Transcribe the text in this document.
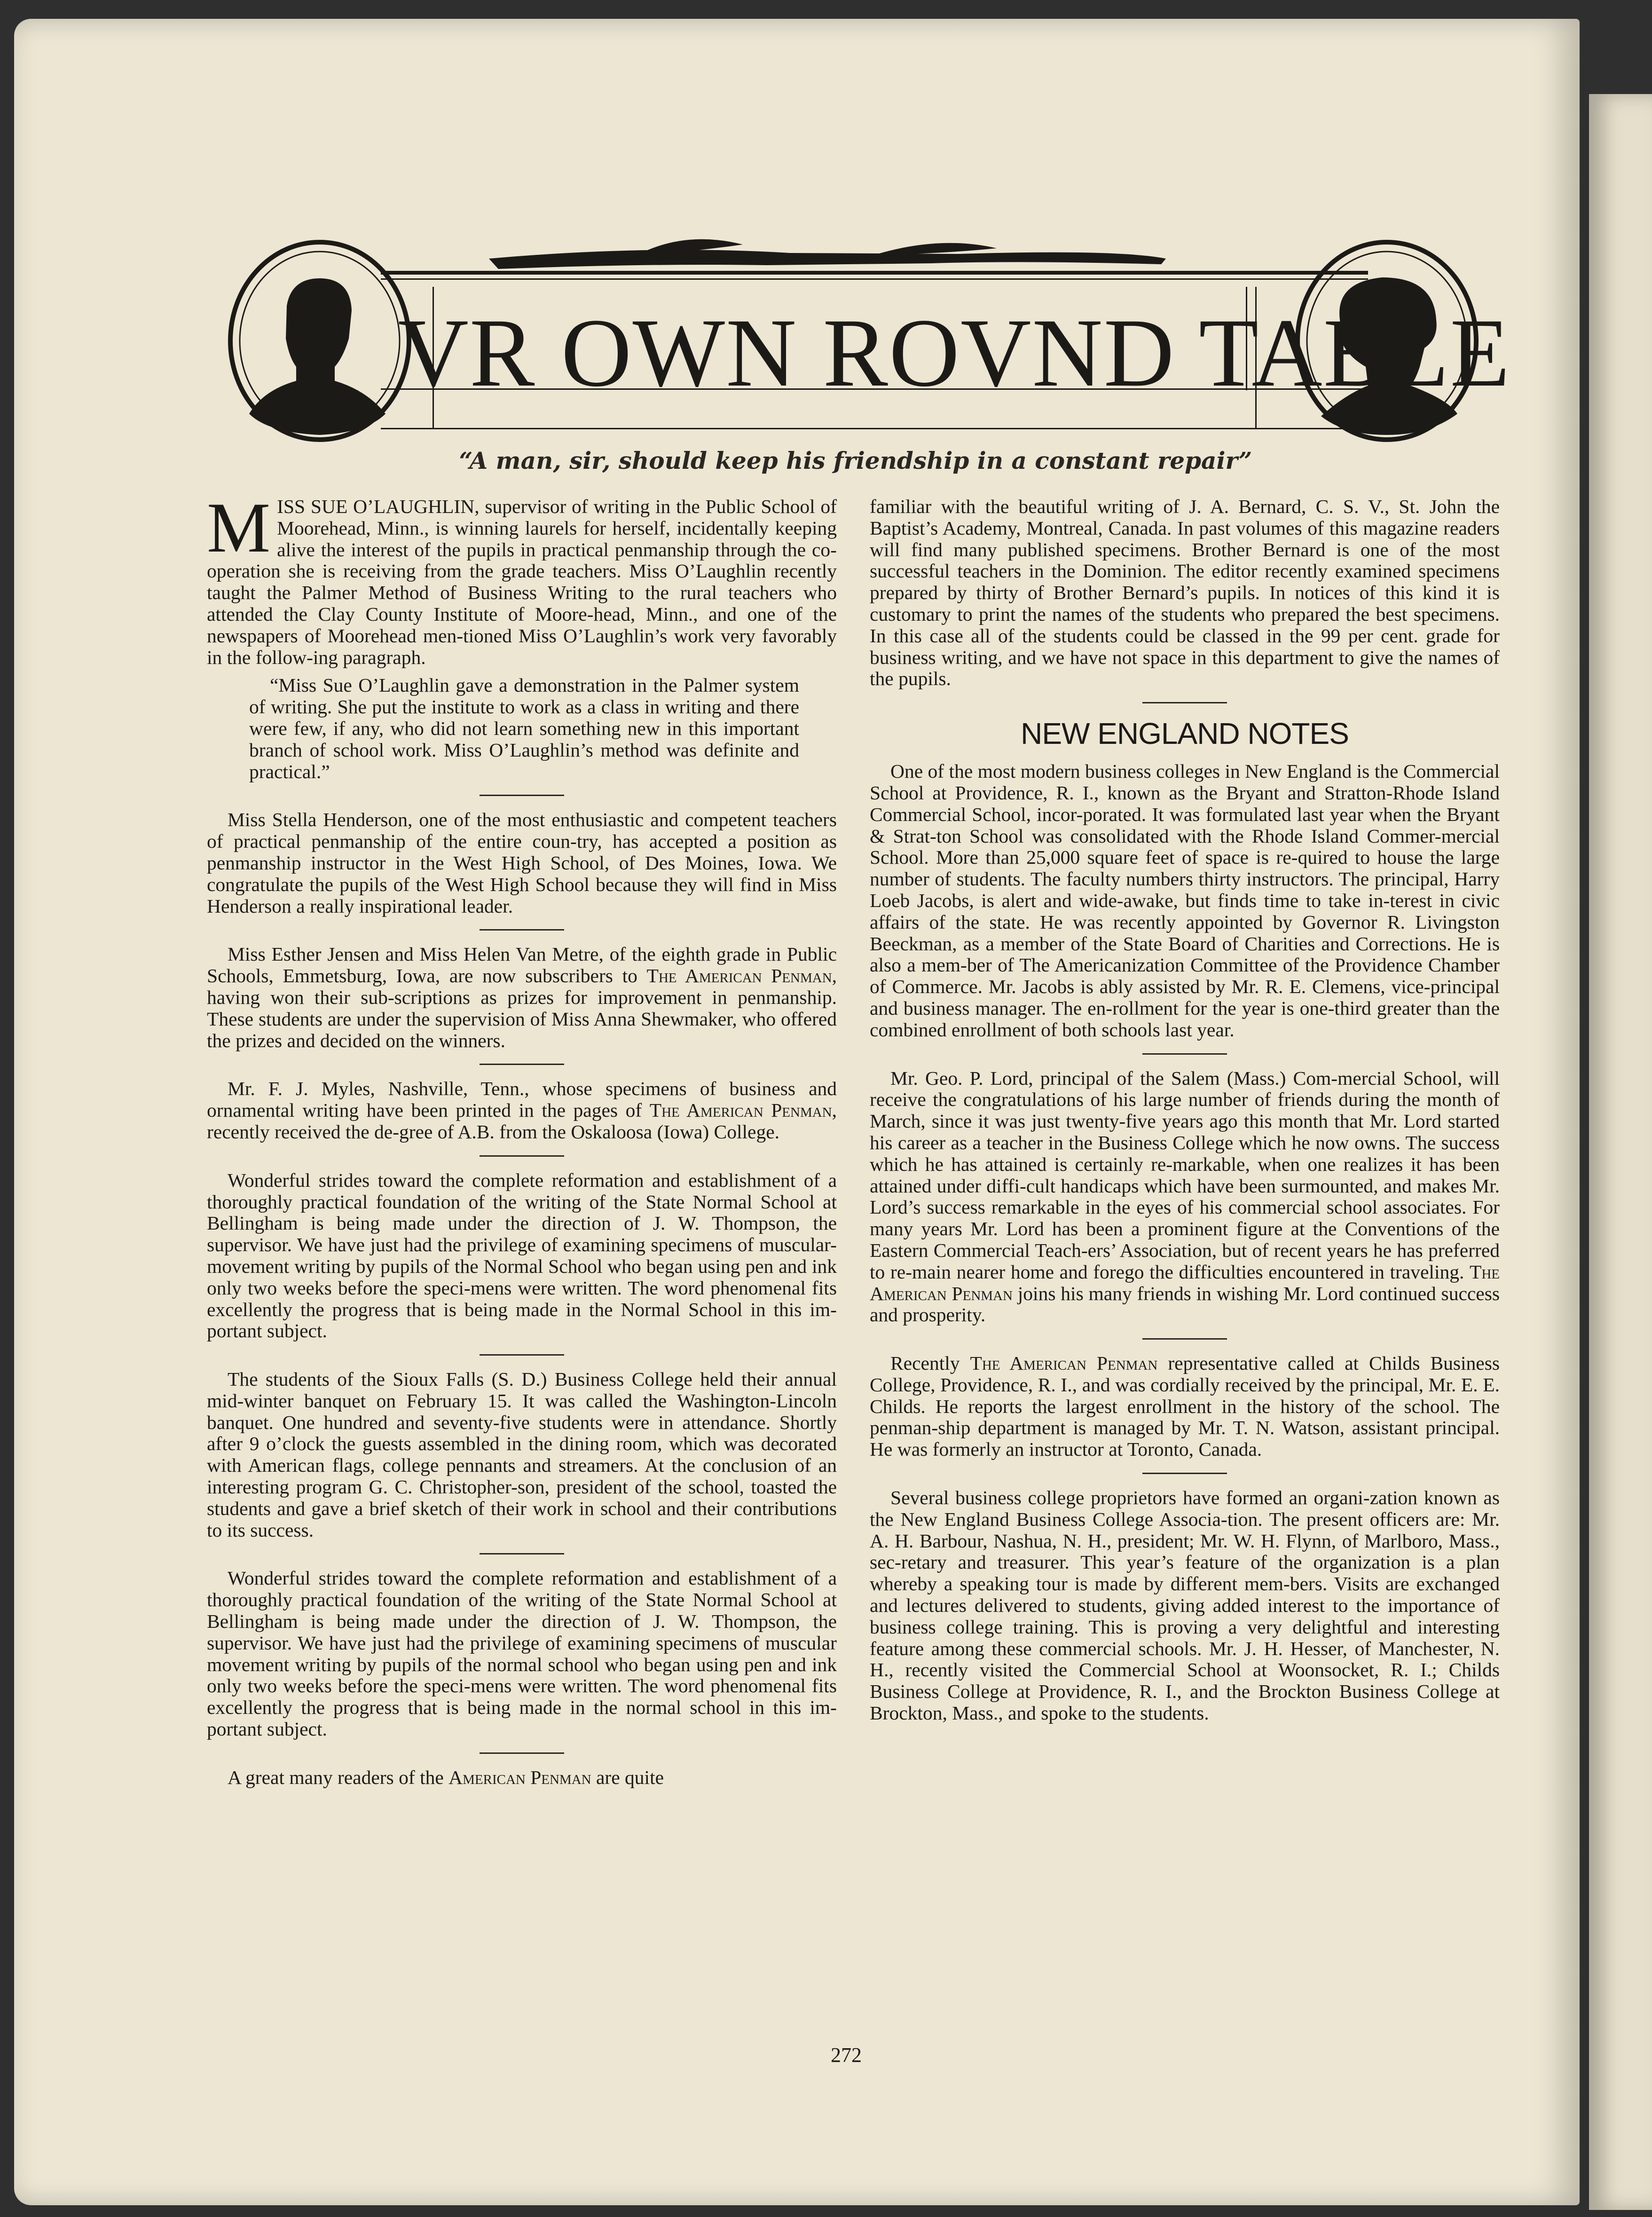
VR OWN ROVND TABLE
“A man, sir, should keep his friendship in a constant repair”

MISS SUE O’LAUGHLIN, supervisor of writing in the Public School of Moorehead, Minn., is winning laurels for herself, incidentally keeping alive the interest of the pupils in practical penmanship through the co-operation she is receiving from the grade teachers. Miss O’Laughlin recently taught the Palmer Method of Business Writing to the rural teachers who attended the Clay County Institute of Moore-head, Minn., and one of the newspapers of Moorehead men-tioned Miss O’Laughlin’s work very favorably in the follow-ing paragraph.

“Miss Sue O’Laughlin gave a demonstration in the Palmer system of writing. She put the institute to work as a class in writing and there were few, if any, who did not learn something new in this important branch of school work. Miss O’Laughlin’s method was definite and practical.”

Miss Stella Henderson, one of the most enthusiastic and competent teachers of practical penmanship of the entire coun-try, has accepted a position as penmanship instructor in the West High School, of Des Moines, Iowa. We congratulate the pupils of the West High School because they will find in Miss Henderson a really inspirational leader.

Miss Esther Jensen and Miss Helen Van Metre, of the eighth grade in Public Schools, Emmetsburg, Iowa, are now subscribers to The American Penman, having won their sub-scriptions as prizes for improvement in penmanship. These students are under the supervision of Miss Anna Shewmaker, who offered the prizes and decided on the winners.

Mr. F. J. Myles, Nashville, Tenn., whose specimens of business and ornamental writing have been printed in the pages of The American Penman, recently received the de-gree of A.B. from the Oskaloosa (Iowa) College.

Wonderful strides toward the complete reformation and establishment of a thoroughly practical foundation of the writing of the State Normal School at Bellingham is being made under the direction of J. W. Thompson, the supervisor. We have just had the privilege of examining specimens of muscular-movement writing by pupils of the Normal School who began using pen and ink only two weeks before the speci-mens were written. The word phenomenal fits excellently the progress that is being made in the Normal School in this im-portant subject.

The students of the Sioux Falls (S. D.) Business College held their annual mid-winter banquet on February 15. It was called the Washington-Lincoln banquet. One hundred and seventy-five students were in attendance. Shortly after 9 o’clock the guests assembled in the dining room, which was decorated with American flags, college pennants and streamers. At the conclusion of an interesting program G. C. Christopher-son, president of the school, toasted the students and gave a brief sketch of their work in school and their contributions to its success.

Wonderful strides toward the complete reformation and establishment of a thoroughly practical foundation of the writing of the State Normal School at Bellingham is being made under the direction of J. W. Thompson, the supervisor. We have just had the privilege of examining specimens of muscular movement writing by pupils of the normal school who began using pen and ink only two weeks before the speci-mens were written. The word phenomenal fits excellently the progress that is being made in the normal school in this im-portant subject.

A great many readers of the American Penman are quite

familiar with the beautiful writing of J. A. Bernard, C. S. V., St. John the Baptist’s Academy, Montreal, Canada. In past volumes of this magazine readers will find many published specimens. Brother Bernard is one of the most successful teachers in the Dominion. The editor recently examined specimens prepared by thirty of Brother Bernard’s pupils. In notices of this kind it is customary to print the names of the students who prepared the best specimens. In this case all of the students could be classed in the 99 per cent. grade for business writing, and we have not space in this department to give the names of the pupils.

NEW ENGLAND NOTES

One of the most modern business colleges in New England is the Commercial School at Providence, R. I., known as the Bryant and Stratton-Rhode Island Commercial School, incor-porated. It was formulated last year when the Bryant & Strat-ton School was consolidated with the Rhode Island Commer-mercial School. More than 25,000 square feet of space is re-quired to house the large number of students. The faculty numbers thirty instructors. The principal, Harry Loeb Jacobs, is alert and wide-awake, but finds time to take in-terest in civic affairs of the state. He was recently appointed by Governor R. Livingston Beeckman, as a member of the State Board of Charities and Corrections. He is also a mem-ber of The Americanization Committee of the Providence Chamber of Commerce. Mr. Jacobs is ably assisted by Mr. R. E. Clemens, vice-principal and business manager. The en-rollment for the year is one-third greater than the combined enrollment of both schools last year.

Mr. Geo. P. Lord, principal of the Salem (Mass.) Com-mercial School, will receive the congratulations of his large number of friends during the month of March, since it was just twenty-five years ago this month that Mr. Lord started his career as a teacher in the Business College which he now owns. The success which he has attained is certainly re-markable, when one realizes it has been attained under diffi-cult handicaps which have been surmounted, and makes Mr. Lord’s success remarkable in the eyes of his commercial school associates. For many years Mr. Lord has been a prominent figure at the Conventions of the Eastern Commercial Teach-ers’ Association, but of recent years he has preferred to re-main nearer home and forego the difficulties encountered in traveling. The American Penman joins his many friends in wishing Mr. Lord continued success and prosperity.

Recently The American Penman representative called at Childs Business College, Providence, R. I., and was cordially received by the principal, Mr. E. E. Childs. He reports the largest enrollment in the history of the school. The penman-ship department is managed by Mr. T. N. Watson, assistant principal. He was formerly an instructor at Toronto, Canada.

Several business college proprietors have formed an organi-zation known as the New England Business College Associa-tion. The present officers are: Mr. A. H. Barbour, Nashua, N. H., president; Mr. W. H. Flynn, of Marlboro, Mass., sec-retary and treasurer. This year’s feature of the organization is a plan whereby a speaking tour is made by different mem-bers. Visits are exchanged and lectures delivered to students, giving added interest to the importance of business college training. This is proving a very delightful and interesting feature among these commercial schools. Mr. J. H. Hesser, of Manchester, N. H., recently visited the Commercial School at Woonsocket, R. I.; Childs Business College at Providence, R. I., and the Brockton Business College at Brockton, Mass., and spoke to the students.

272
